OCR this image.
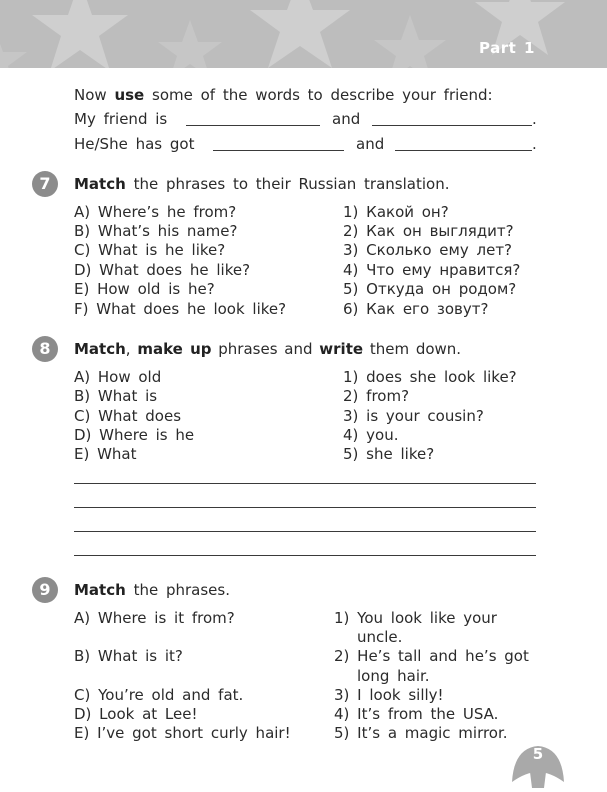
Part 1
Now use some of the words to describe your friend:
My friend is	and	.
He/She has got	and	.
7	Match the phrases to their Russian translation.
A) Where’s he from?
B) What’s his name?
C) What is he like?
D) What does he like?
E) How old is he?
F) What does he look like?
1) Какой он?
2) Как он выглядит?
3) Сколько ему лет?
4) Что ему нравится?
5) Откуда он родом?
6) Как его зовут?
8	Match, make up phrases and write them down.
A) How old
B) What is
C) What does
D) Where is he
E) What
1) does she look like?
2) from?
3) is your cousin?
4) you.
5) she like?
9	Match the phrases.
A) Where is it from?
B) What is it?
C) You’re old and fat.
D) Look at Lee!
E) I’ve got short curly hair!
1) You look like your
uncle.
2) He’s tall and he’s got
long hair.
3) I look silly!
4) It’s from the USA.
5) It’s a magic mirror.
5
